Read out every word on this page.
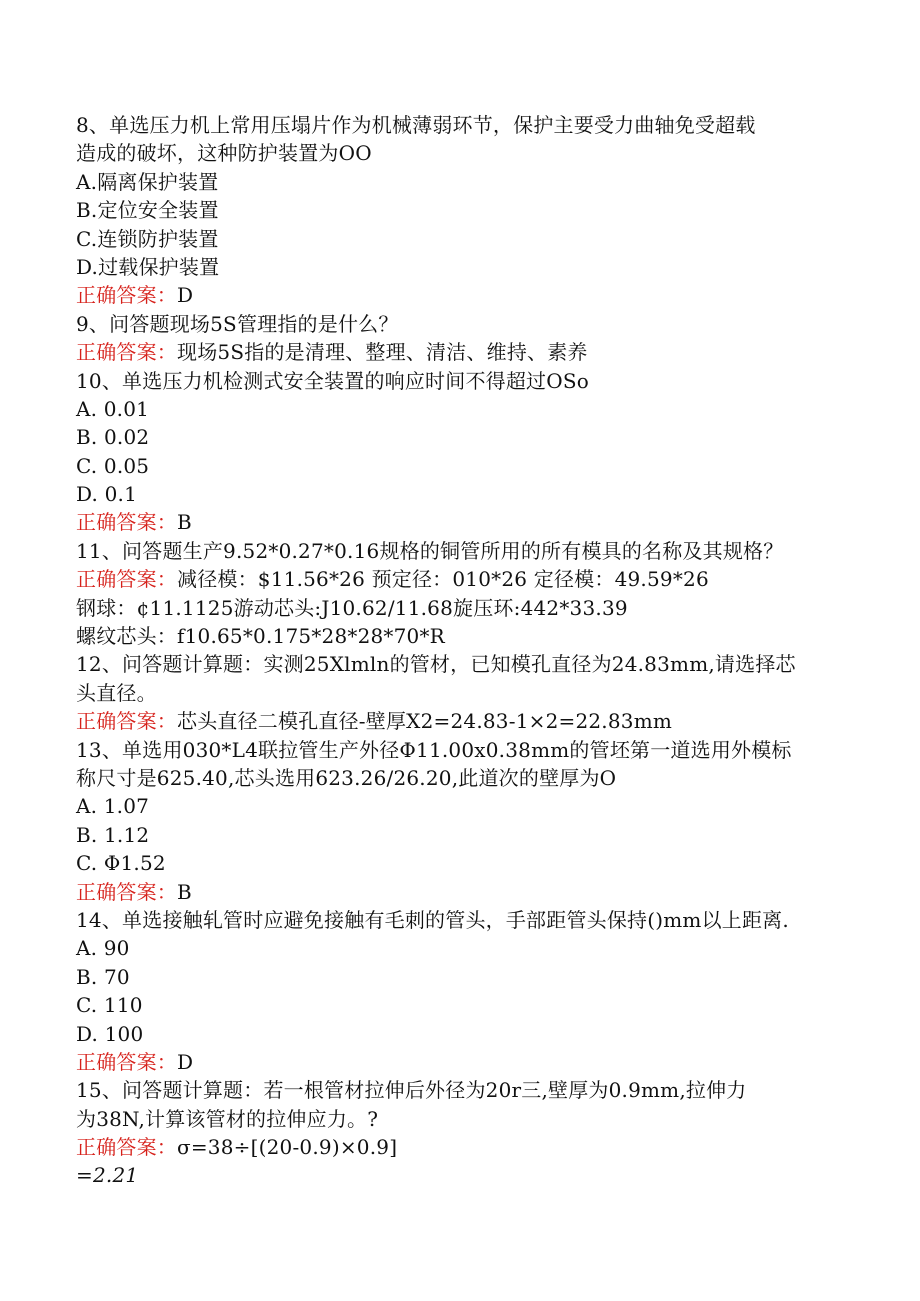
8、单选压力机上常用压塌片作为机械薄弱环节，保护主要受力曲轴免受超载
造成的破坏，这种防护装置为OO
A.隔离保护装置
B.定位安全装置
C.连锁防护装置
D.过载保护装置
正确答案：D
9、问答题现场5S管理指的是什么？
正确答案：现场5S指的是清理、整理、清洁、维持、素养
10、单选压力机检测式安全装置的响应时间不得超过OSo
A. 0.01
B. 0.02
C. 0.05
D. 0.1
正确答案：B
11、问答题生产9.52*0.27*0.16规格的铜管所用的所有模具的名称及其规格？
正确答案：减径模：$11.56*26 预定径：010*26 定径模：49.59*26
钢球：¢11.1125游动芯头:J10.62/11.68旋压环:442*33.39
螺纹芯头：f10.65*0.175*28*28*70*R
12、问答题计算题：实测25Xlmln的管材，已知模孔直径为24.83mm,请选择芯
头直径。
正确答案：芯头直径二模孔直径-壁厚X2=24.83-1×2=22.83mm
13、单选用030*L4联拉管生产外径Φ11.00x0.38mm的管坯第一道选用外模标
称尺寸是625.40,芯头选用623.26/26.20,此道次的壁厚为O
A. 1.07
B. 1.12
C. Φ1.52
正确答案：B
14、单选接触轧管时应避免接触有毛刺的管头，手部距管头保持()mm以上距离.
A. 90
B. 70
C. 110
D. 100
正确答案：D
15、问答题计算题：若一根管材拉伸后外径为20r三,壁厚为0.9mm,拉伸力
为38N,计算该管材的拉伸应力。?
正确答案：σ=38÷[(20-0.9)×0.9]
=2.21
